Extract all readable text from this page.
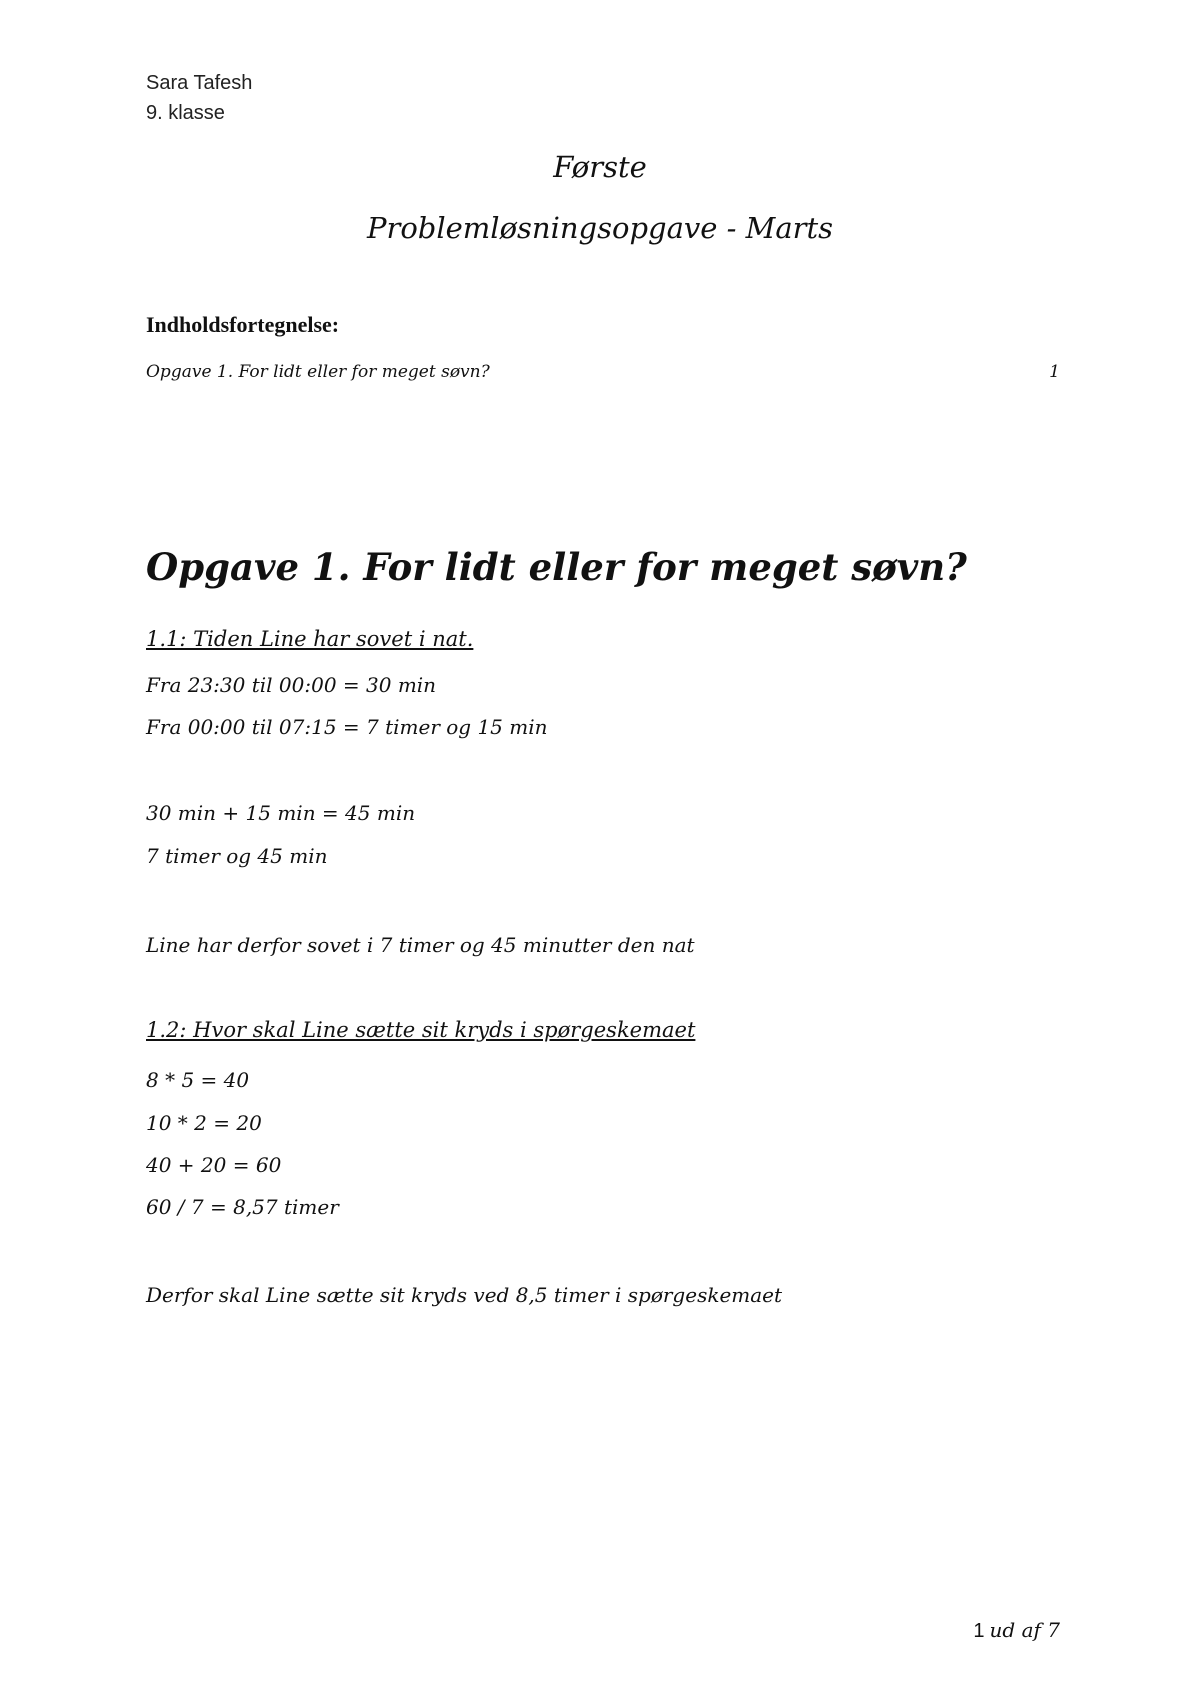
Sara Tafesh

9. klasse

Første

Problemløsningsopgave - Marts

Indholdsfortegnelse:

Opgave 1. For lidt eller for meget søvn?	1
Opgave 1. For lidt eller for meget søvn?

1.1: Tiden Line har sovet i nat.

Fra 23:30 til 00:00 = 30 min

Fra 00:00 til 07:15 = 7 timer og 15 min

30 min + 15 min = 45 min

7 timer og 45 min

Line har derfor sovet i 7 timer og 45 minutter den nat

1.2: Hvor skal Line sætte sit kryds i spørgeskemaet

8 * 5 = 40

10 * 2 = 20

40 + 20 = 60

60 / 7 = 8,57 timer

Derfor skal Line sætte sit kryds ved 8,5 timer i spørgeskemaet

1 ud af 7
